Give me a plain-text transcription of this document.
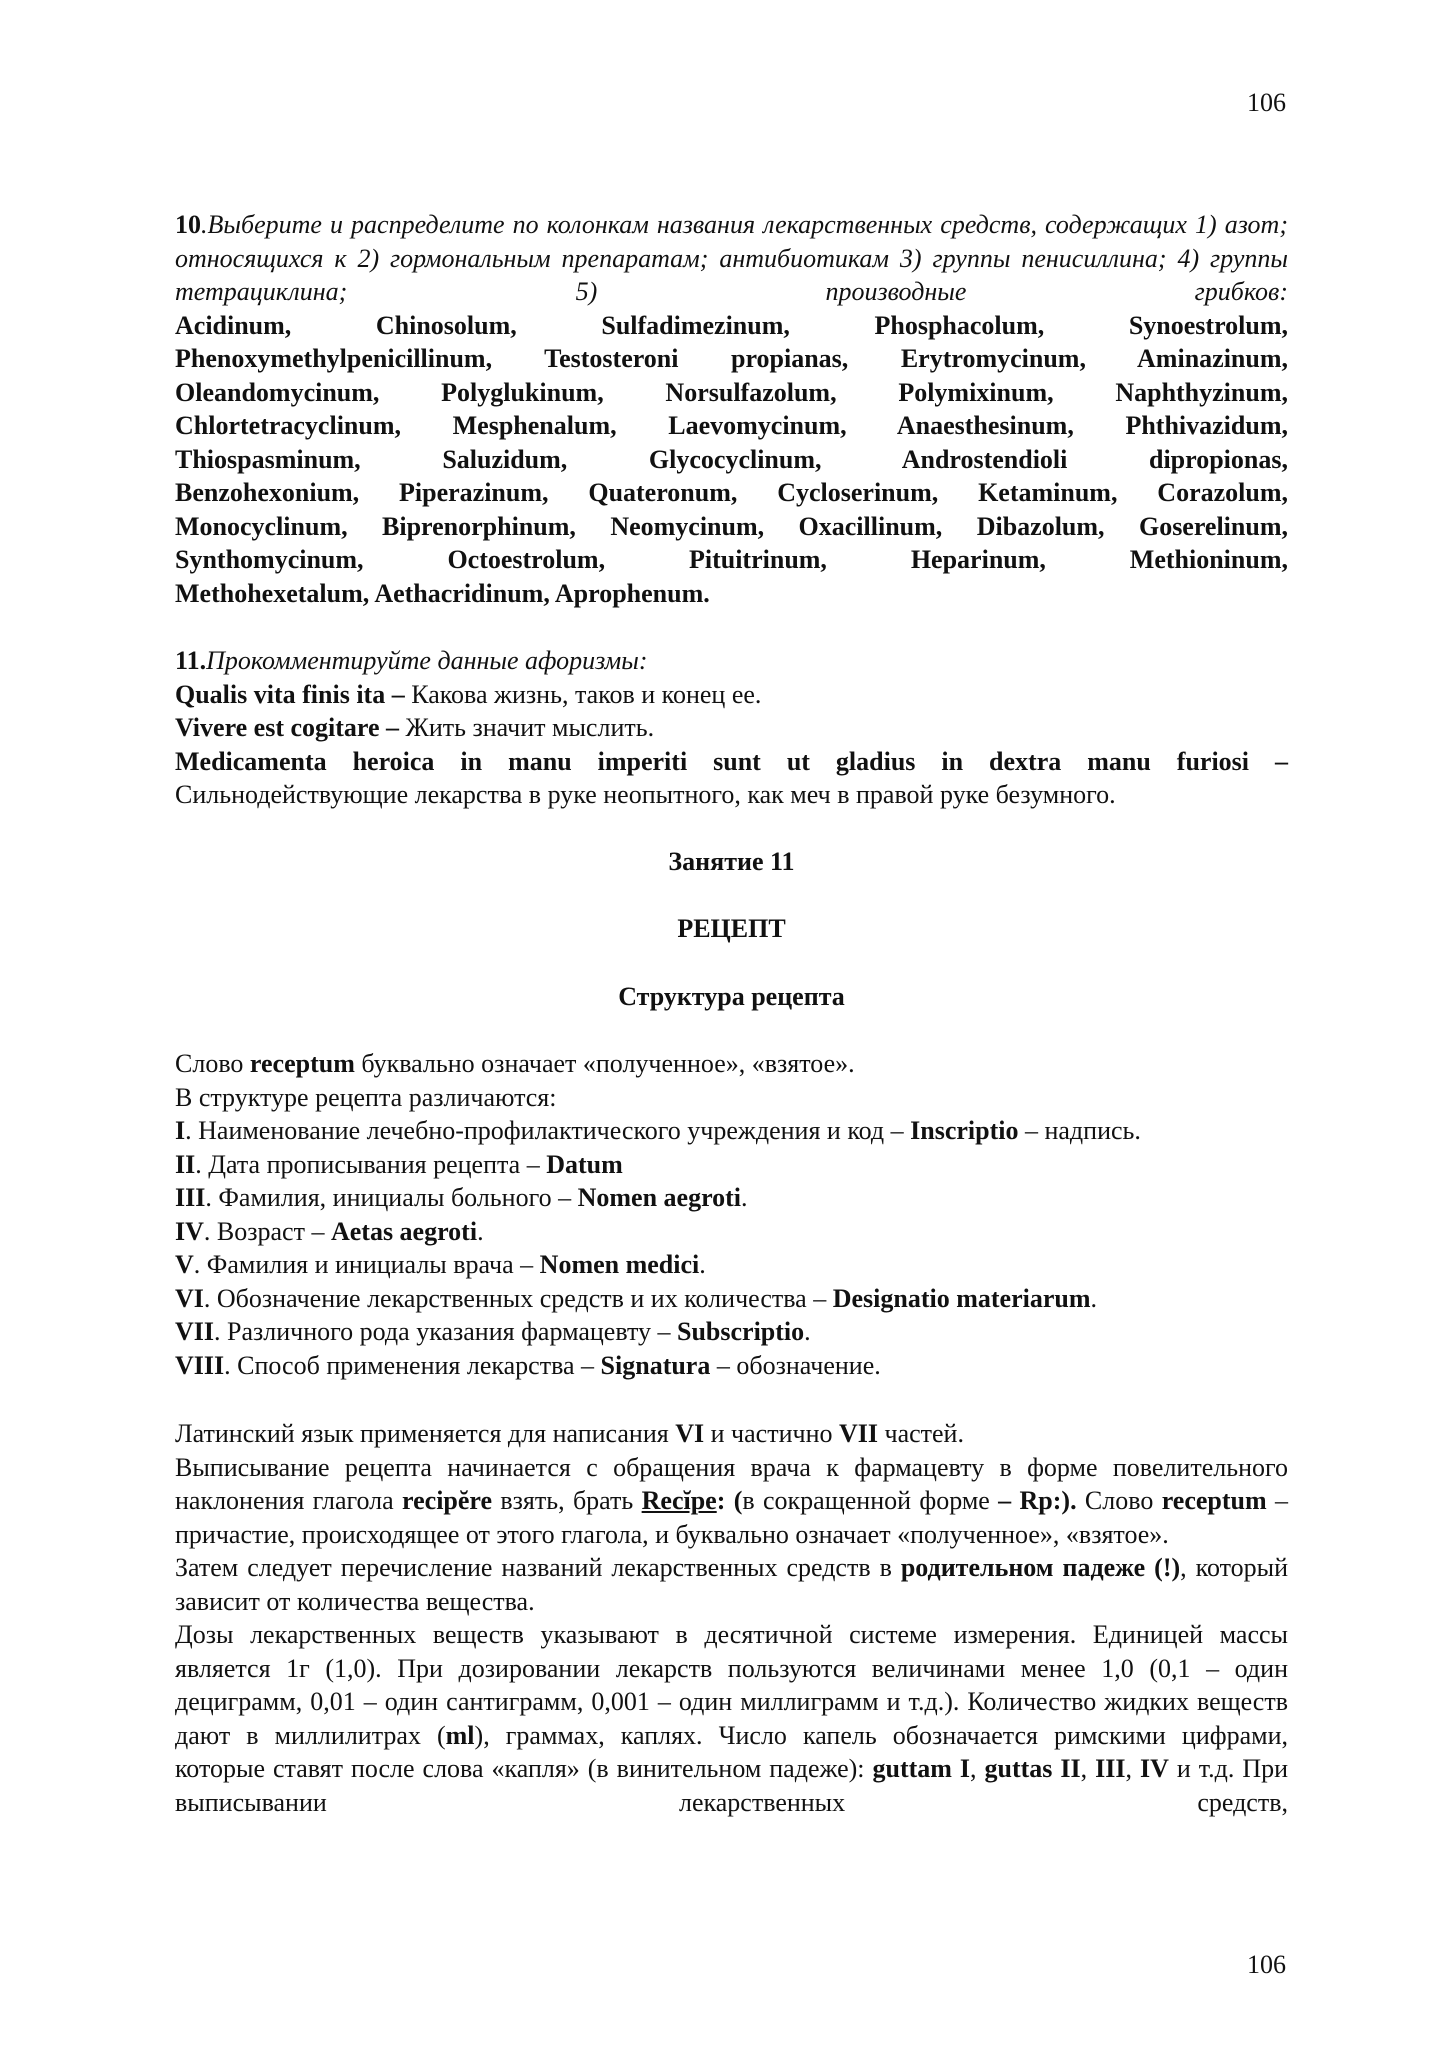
106

10.Выберите и распределите по колонкам названия лекарственных средств, содержащих 1) азот; относящихся к 2) гормональным препаратам; антибиотикам 3) группы пенисиллина; 4) группы тетрациклина; 5) производные грибков:

Acidinum, Chinosolum, Sulfadimezinum, Phosphacolum, Synoestrolum,
Phenoxymethylpenicillinum, Testosteroni propianas, Erytromycinum, Aminazinum,
Oleandomycinum, Polyglukinum, Norsulfazolum, Polymixinum, Naphthyzinum,
Chlortetracyclinum, Mesphenalum, Laevomycinum, Anaesthesinum, Phthivazidum,
Thiospasminum, Saluzidum, Glycocyclinum, Androstendioli dipropionas,
Benzohexonium, Piperazinum, Quateronum, Cycloserinum, Ketaminum, Corazolum,
Monocyclinum, Biprenorphinum, Neomycinum, Oxacillinum, Dibazolum, Goserelinum,
Synthomycinum, Octoestrolum, Pituitrinum, Heparinum, Methioninum,
Methohexetalum, Aethacridinum, Aprophenum.

11.Прокомментируйте данные афоризмы:

Qualis vita finis ita – Какова жизнь, таков и конец ее.

Vivere est cogitare – Жить значит мыслить.

Medicamenta heroica in manu imperiti sunt ut gladius in dextra manu furiosi –

Сильнодействующие лекарства в руке неопытного, как меч в правой руке безумного.

Занятие 11
РЕЦЕПТ
Структура рецепта

Слово receptum буквально означает «полученное», «взятое».

В структуре рецепта различаются:

I. Наименование лечебно-профилактического учреждения и код – Inscriptio – надпись.

II. Дата прописывания рецепта – Datum

III. Фамилия, инициалы больного – Nomen aegroti.

IV. Возраст – Aetas aegroti.

V. Фамилия и инициалы врача – Nomen medici.

VI. Обозначение лекарственных средств и их количества – Designatio materiarum.

VII. Различного рода указания фармацевту – Subscriptio.

VIII. Способ применения лекарства – Signatura – обозначение.

Латинский язык применяется для написания VI и частично VII частей.

Выписывание рецепта начинается с обращения врача к фармацевту в форме повелительного наклонения глагола recipĕre взять, брать Recĭpe: (в сокращенной форме – Rp:). Слово receptum – причастие, происходящее от этого глагола, и буквально означает «полученное», «взятое».

Затем следует перечисление названий лекарственных средств в родительном падеже (!), который зависит от количества вещества.

Дозы лекарственных веществ указывают в десятичной системе измерения. Единицей массы является 1г (1,0). При дозировании лекарств пользуются величинами менее 1,0 (0,1 – один дециграмм, 0,01 – один сантиграмм, 0,001 – один миллиграмм и т.д.). Количество жидких веществ дают в миллилитрах (ml), граммах, каплях. Число капель обозначается римскими цифрами, которые ставят после слова «капля» (в винительном падеже): guttam I, guttas II, III, IV и т.д. При выписывании лекарственных средств,

106
